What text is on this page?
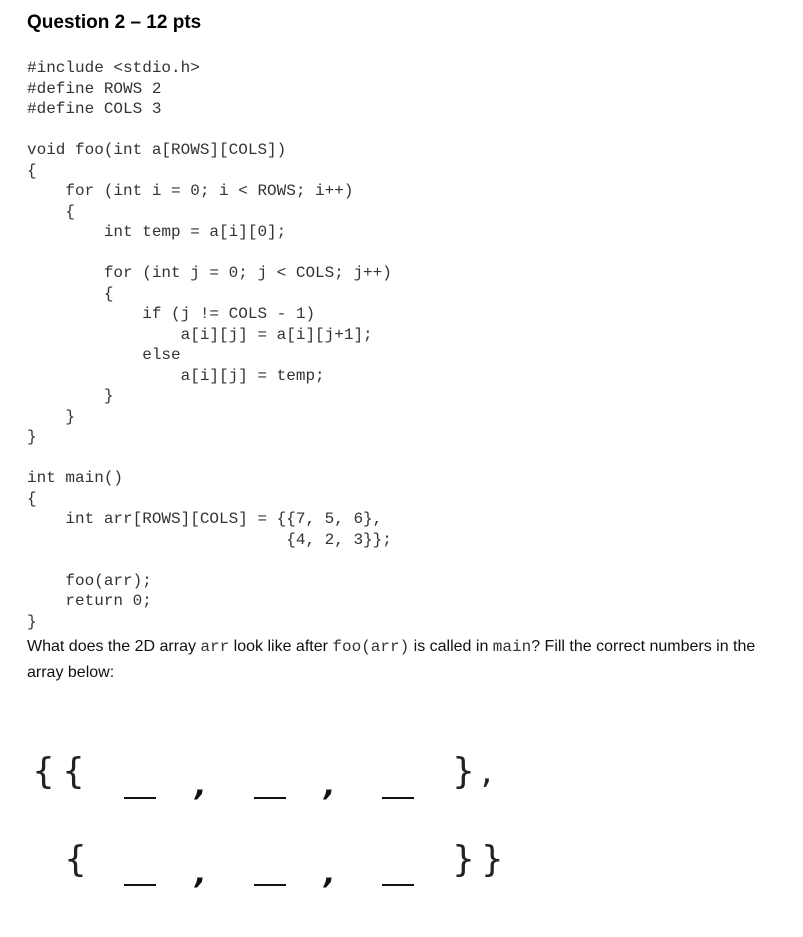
Question 2 – 12 pts
#include <stdio.h>
#define ROWS 2
#define COLS 3
void foo(int a[ROWS][COLS])
{
for (int i = 0; i < ROWS; i++)
{
int temp = a[i][0];
for (int j = 0; j < COLS; j++)
{
if (j != COLS - 1)
a[i][j] = a[i][j+1];
else
a[i][j] = temp;
}
}
}
int main()
{
int arr[ROWS][COLS] = {{7, 5, 6},
{4, 2, 3}};
foo(arr);
return 0;
}
What does the 2D array arr look like after foo(arr) is called in main? Fill the correct numbers in the array below:
{ {	,	,	},
{	,	,	}}
